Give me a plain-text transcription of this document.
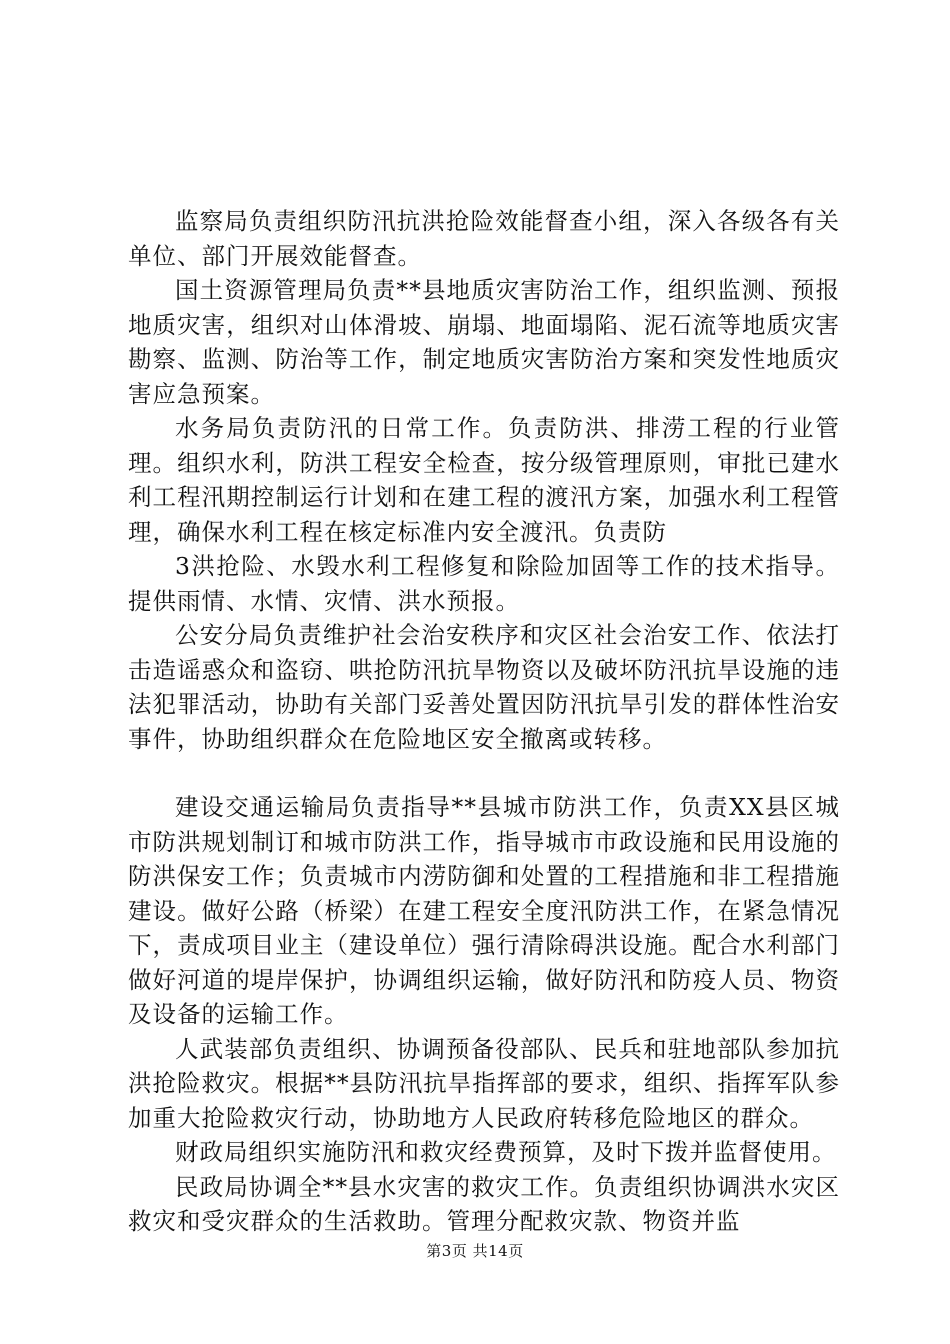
监察局负责组织防汛抗洪抢险效能督查小组，深入各级各有关单位、部门开展效能督查。

国土资源管理局负责**县地质灾害防治工作，组织监测、预报地质灾害，组织对山体滑坡、崩塌、地面塌陷、泥石流等地质灾害勘察、监测、防治等工作，制定地质灾害防治方案和突发性地质灾害应急预案。

水务局负责防汛的日常工作。负责防洪、排涝工程的行业管理。组织水利，防洪工程安全检查，按分级管理原则，审批已建水利工程汛期控制运行计划和在建工程的渡汛方案，加强水利工程管理，确保水利工程在核定标准内安全渡汛。负责防

3洪抢险、水毁水利工程修复和除险加固等工作的技术指导。提供雨情、水情、灾情、洪水预报。

公安分局负责维护社会治安秩序和灾区社会治安工作、依法打击造谣惑众和盗窃、哄抢防汛抗旱物资以及破坏防汛抗旱设施的违法犯罪活动，协助有关部门妥善处置因防汛抗旱引发的群体性治安事件，协助组织群众在危险地区安全撤离或转移。

建设交通运输局负责指导**县城市防洪工作，负责XX县区城市防洪规划制订和城市防洪工作，指导城市市政设施和民用设施的防洪保安工作；负责城市内涝防御和处置的工程措施和非工程措施建设。做好公路（桥梁）在建工程安全度汛防洪工作，在紧急情况下，责成项目业主（建设单位）强行清除碍洪设施。配合水利部门做好河道的堤岸保护，协调组织运输，做好防汛和防疫人员、物资及设备的运输工作。

人武装部负责组织、协调预备役部队、民兵和驻地部队参加抗洪抢险救灾。根据**县防汛抗旱指挥部的要求，组织、指挥军队参加重大抢险救灾行动，协助地方人民政府转移危险地区的群众。

财政局组织实施防汛和救灾经费预算，及时下拨并监督使用。

民政局协调全**县水灾害的救灾工作。负责组织协调洪水灾区救灾和受灾群众的生活救助。管理分配救灾款、物资并监

第3页 共14页
